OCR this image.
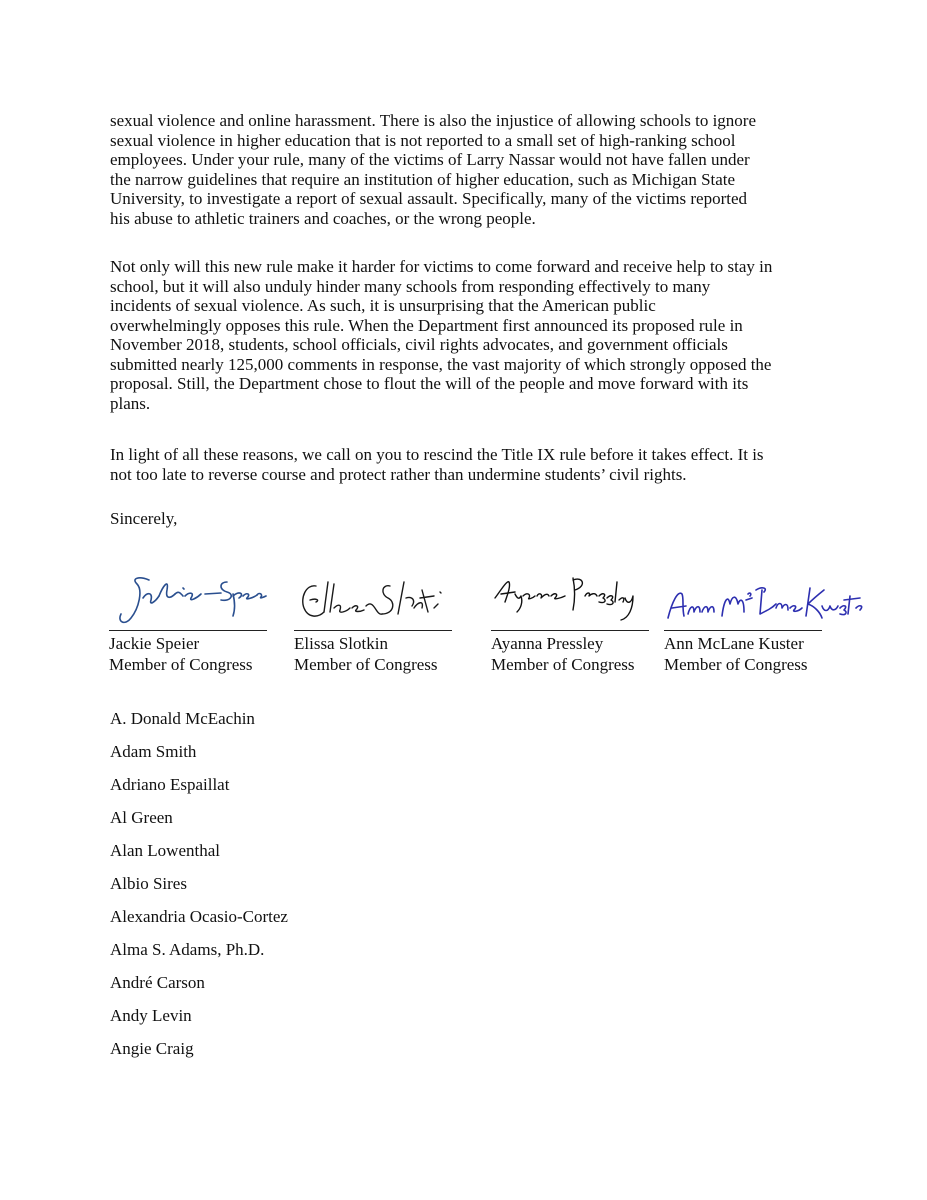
sexual violence and online harassment. There is also the injustice of allowing schools to ignore
sexual violence in higher education that is not reported to a small set of high-ranking school
employees. Under your rule, many of the victims of Larry Nassar would not have fallen under
the narrow guidelines that require an institution of higher education, such as Michigan State
University, to investigate a report of sexual assault. Specifically, many of the victims reported
his abuse to athletic trainers and coaches, or the wrong people.

Not only will this new rule make it harder for victims to come forward and receive help to stay in
school, but it will also unduly hinder many schools from responding effectively to many
incidents of sexual violence. As such, it is unsurprising that the American public
overwhelmingly opposes this rule. When the Department first announced its proposed rule in
November 2018, students, school officials, civil rights advocates, and government officials
submitted nearly 125,000 comments in response, the vast majority of which strongly opposed the
proposal. Still, the Department chose to flout the will of the people and move forward with its
plans.

In light of all these reasons, we call on you to rescind the Title IX rule before it takes effect. It is
not too late to reverse course and protect rather than undermine students’ civil rights.

Sincerely,
Jackie Speier
Member of Congress
Elissa Slotkin
Member of Congress
Ayanna Pressley
Member of Congress
Ann McLane Kuster
Member of Congress
A. Donald McEachin
Adam Smith
Adriano Espaillat
Al Green
Alan Lowenthal
Albio Sires
Alexandria Ocasio-Cortez
Alma S. Adams, Ph.D.
André Carson
Andy Levin
Angie Craig
